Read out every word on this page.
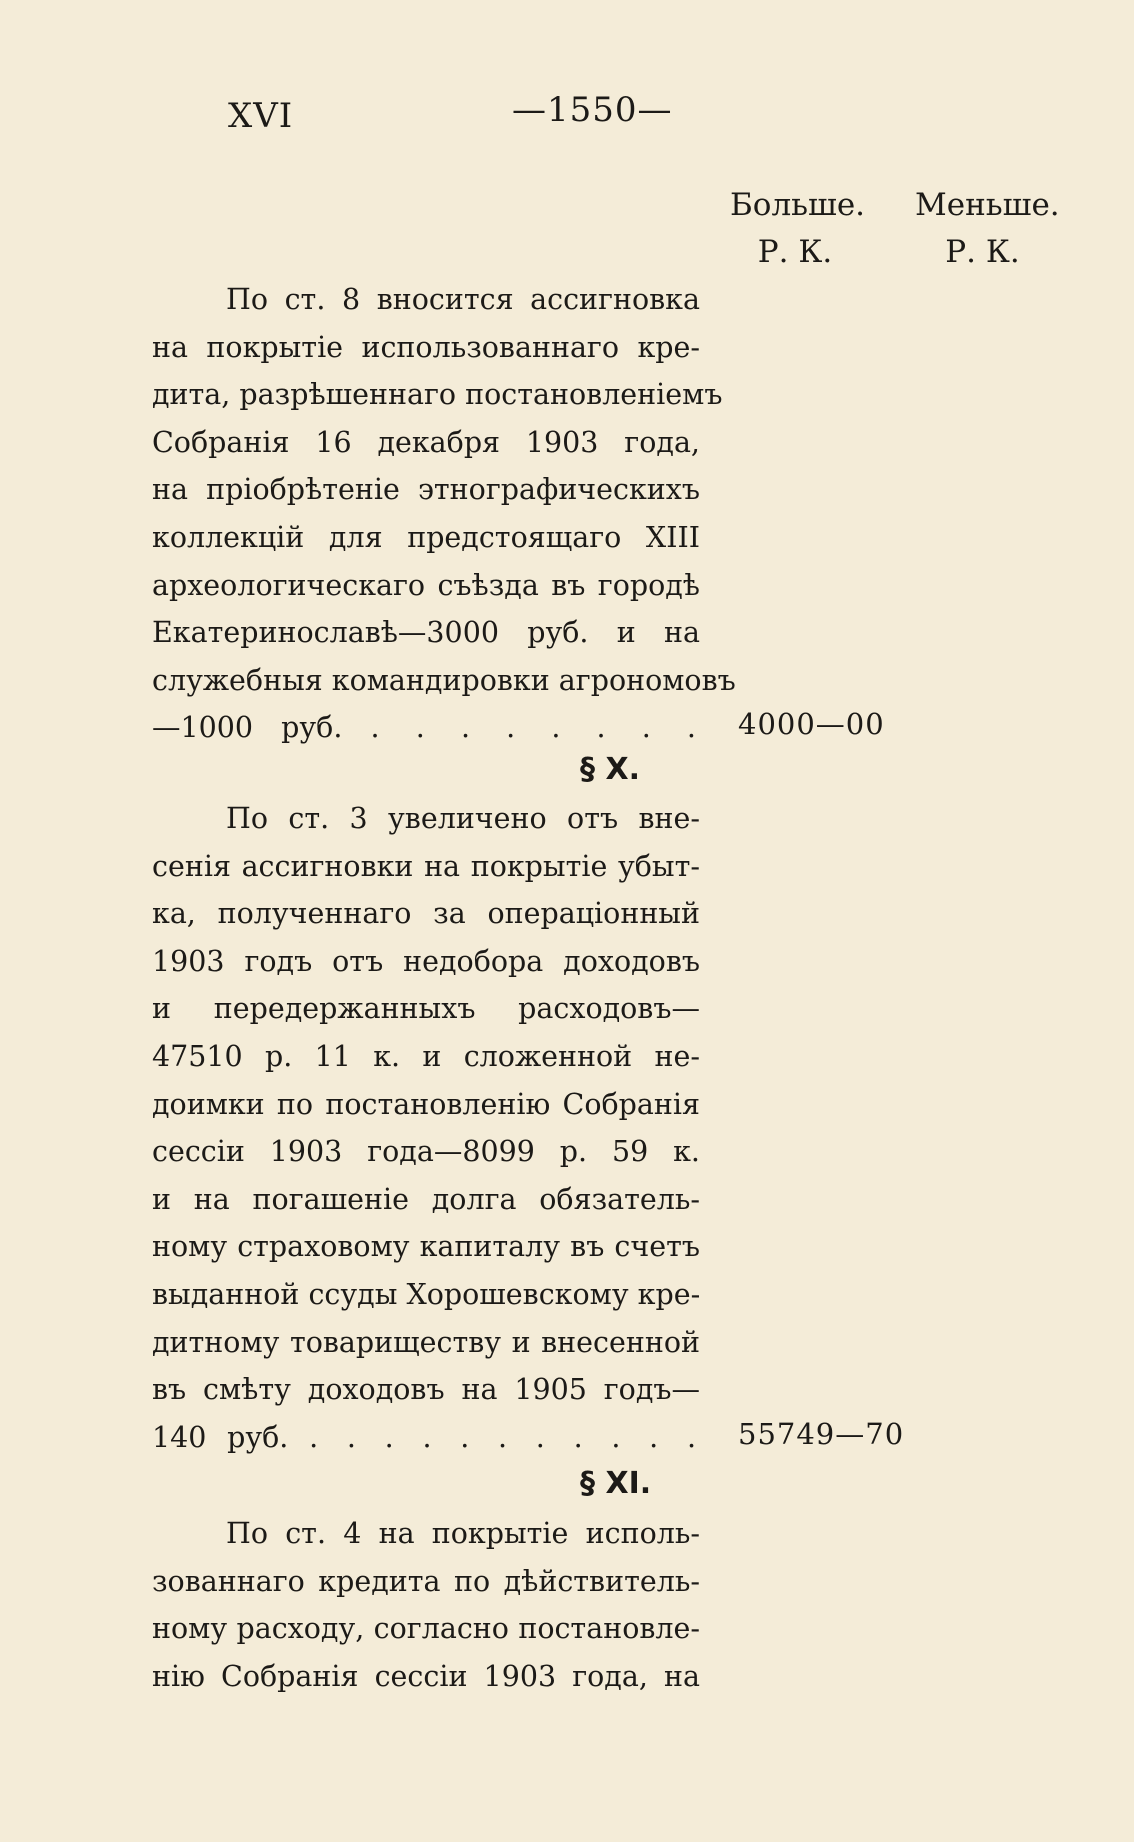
XVI	—1550—
Больше.
Р. К.
Меньше.
Р. К.
По ст. 8 вносится ассигновка
на покрытіе использованнаго кре-
дита, разрѣшеннаго постановленіемъ
Собранія 16 декабря 1903 года,
на пріобрѣтеніе этнографическихъ
коллекцій для предстоящаго XIII
археологическаго съѣзда въ городѣ
Екатеринославѣ—3000 руб. и на
служебныя командировки агрономовъ
—1000 руб. . . . . . . . . 4000—00
§ X.
По ст. 3 увеличено отъ вне-
сенія ассигновки на покрытіе убыт-
ка, полученнаго за операціонный
1903 годъ отъ недобора доходовъ
и передержанныхъ расходовъ—
47510 р. 11 к. и сложенной не-
доимки по постановленію Собранія
сессіи 1903 года—8099 р. 59 к.
и на погашеніе долга обязатель-
ному страховому капиталу въ счетъ
выданной ссуды Хорошевскому кре-
дитному товариществу и внесенной
въ смѣту доходовъ на 1905 годъ—
140 руб. . . . . . . . . . . . 55749—70
§ XI.
По ст. 4 на покрытіе исполь-
зованнаго кредита по дѣйствитель-
ному расходу, согласно постановле-
нію Собранія сессіи 1903 года, на
